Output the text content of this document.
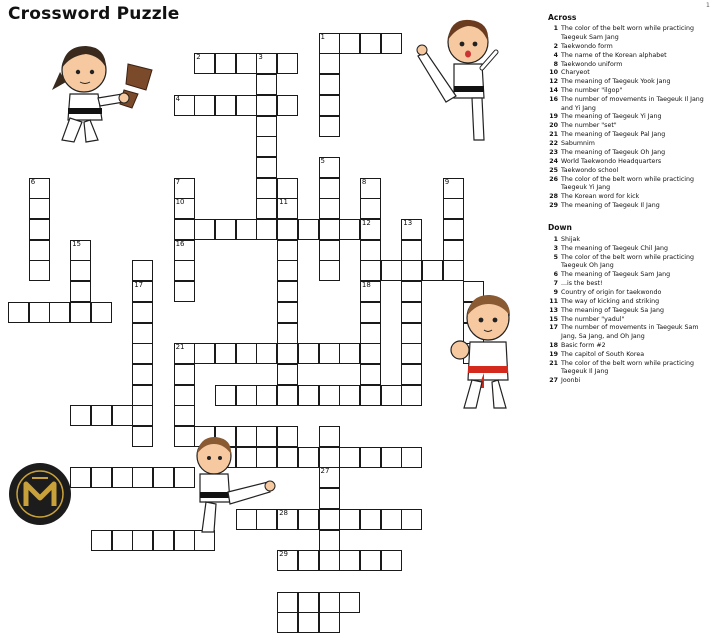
Crossword Puzzle	1
1
2	3
4
21
28
29
5
6	7
10
16
8
12
18
9
11
13
15
17
27
Across
1 The color of the belt worn while practicing Taegeuk Sam Jang
2 Taekwondo form
4 The name of the Korean alphabet
8 Taekwondo uniform
10 Charyeot
12 The meaning of Taegeuk Yook Jang
14 The number "ilgop"
16 The number of movements in Taegeuk Il Jang and Yi Jang
19 The meaning of Taegeuk Yi Jang
20 The number "set"
21 The meaning of Taegeuk Pal Jang
22 Sabumnim
23 The meaning of Taegeuk Oh Jang
24 World Taekwondo Headquarters
25 Taekwondo school
26 The color of the belt worn while practicing Taegeuk Yi Jang
28 The Korean word for kick
29 The meaning of Taegeuk Il Jang
Down
1 Shijak
3 The meaning of Taegeuk Chil Jang
5 The color of the belt worn while practicing Taegeuk Oh Jang
6 The meaning of Taegeuk Sam Jang
7 ...is the best!
9 Country of origin for taekwondo
11 The way of kicking and striking
13 The meaning of Taegeuk Sa Jang
15 The number "yadul"
17 The number of movements in Taegeuk Sam Jang, Sa Jang, and Oh Jang
18 Basic form #2
19 The capitol of South Korea
21 The color of the belt worn while practicing Taegeuk Il Jang
27 Joonbi
